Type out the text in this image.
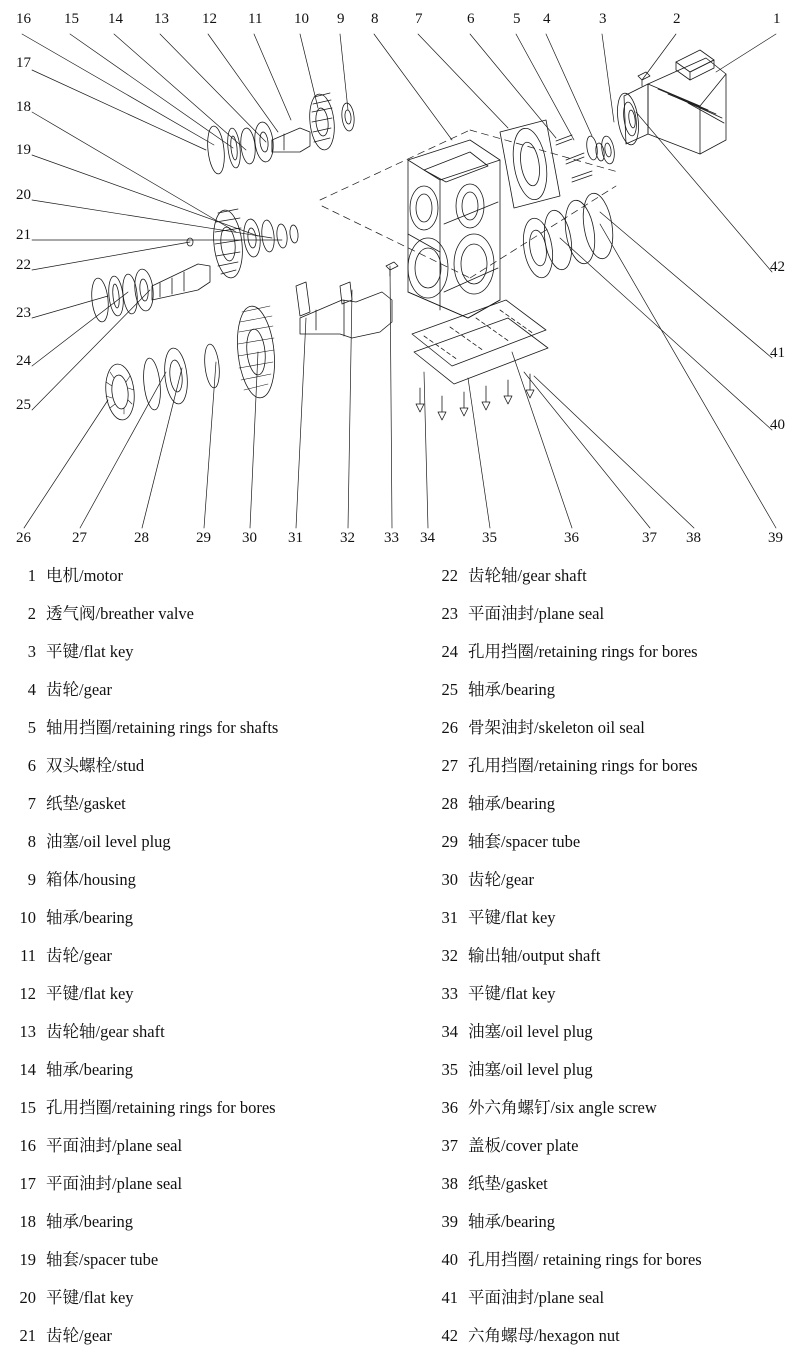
16 15 14 13 12 11 10 9 8 7	6	5 4	3	2	1
17
18
19
20
21
22
23
24
25
42
41
40
26	27	28	29 30 31 32 33 34	35	36	37 38	39
1 电机/motor
2 透气阀/breather valve
3 平键/flat key
4 齿轮/gear
5 轴用挡圈/retaining rings for shafts
6 双头螺栓/stud
7 纸垫/gasket
8 油塞/oil level plug
9 箱体/housing
10 轴承/bearing
11 齿轮/gear
12 平键/flat key
13 齿轮轴/gear shaft
14 轴承/bearing
15 孔用挡圈/retaining rings for bores
16 平面油封/plane seal
17 平面油封/plane seal
18 轴承/bearing
19 轴套/spacer tube
20 平键/flat key
21 齿轮/gear
22 齿轮轴/gear shaft
23 平面油封/plane seal
24 孔用挡圈/retaining rings for bores
25 轴承/bearing
26 骨架油封/skeleton oil seal
27 孔用挡圈/retaining rings for bores
28 轴承/bearing
29 轴套/spacer tube
30 齿轮/gear
31 平键/flat key
32 输出轴/output shaft
33 平键/flat key
34 油塞/oil level plug
35 油塞/oil level plug
36 外六角螺钉/six angle screw
37 盖板/cover plate
38 纸垫/gasket
39 轴承/bearing
40 孔用挡圈/ retaining rings for bores
41 平面油封/plane seal
42 六角螺母/hexagon nut
